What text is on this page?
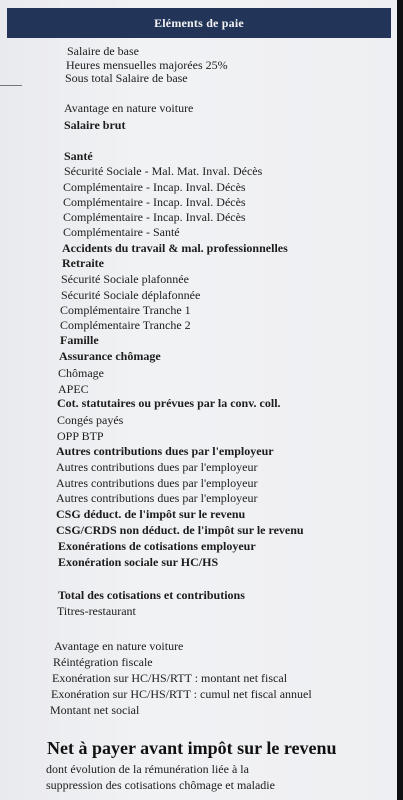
Eléments de paie
Salaire de base
Heures mensuelles majorées 25%
Sous total Salaire de base
Avantage en nature voiture
Salaire brut
Santé
Sécurité Sociale - Mal. Mat. Inval. Décès
Complémentaire - Incap. Inval. Décès
Complémentaire - Incap. Inval. Décès
Complémentaire - Incap. Inval. Décès
Complémentaire - Santé
Accidents du travail & mal. professionnelles
Retraite
Sécurité Sociale plafonnée
Sécurité Sociale déplafonnée
Complémentaire Tranche 1
Complémentaire Tranche 2
Famille
Assurance chômage
Chômage
APEC
Cot. statutaires ou prévues par la conv. coll.
Congés payés
OPP BTP
Autres contributions dues par l'employeur
Autres contributions dues par l'employeur
Autres contributions dues par l'employeur
Autres contributions dues par l'employeur
CSG déduct. de l'impôt sur le revenu
CSG/CRDS non déduct. de l'impôt sur le revenu
Exonérations de cotisations employeur
Exonération sociale sur HC/HS
Total des cotisations et contributions
Titres-restaurant
Avantage en nature voiture
Réintégration fiscale
Exonération sur HC/HS/RTT : montant net fiscal
Exonération sur HC/HS/RTT : cumul net fiscal annuel
Montant net social
Net à payer avant impôt sur le revenu
dont évolution de la rémunération liée à la
suppression des cotisations chômage et maladie
